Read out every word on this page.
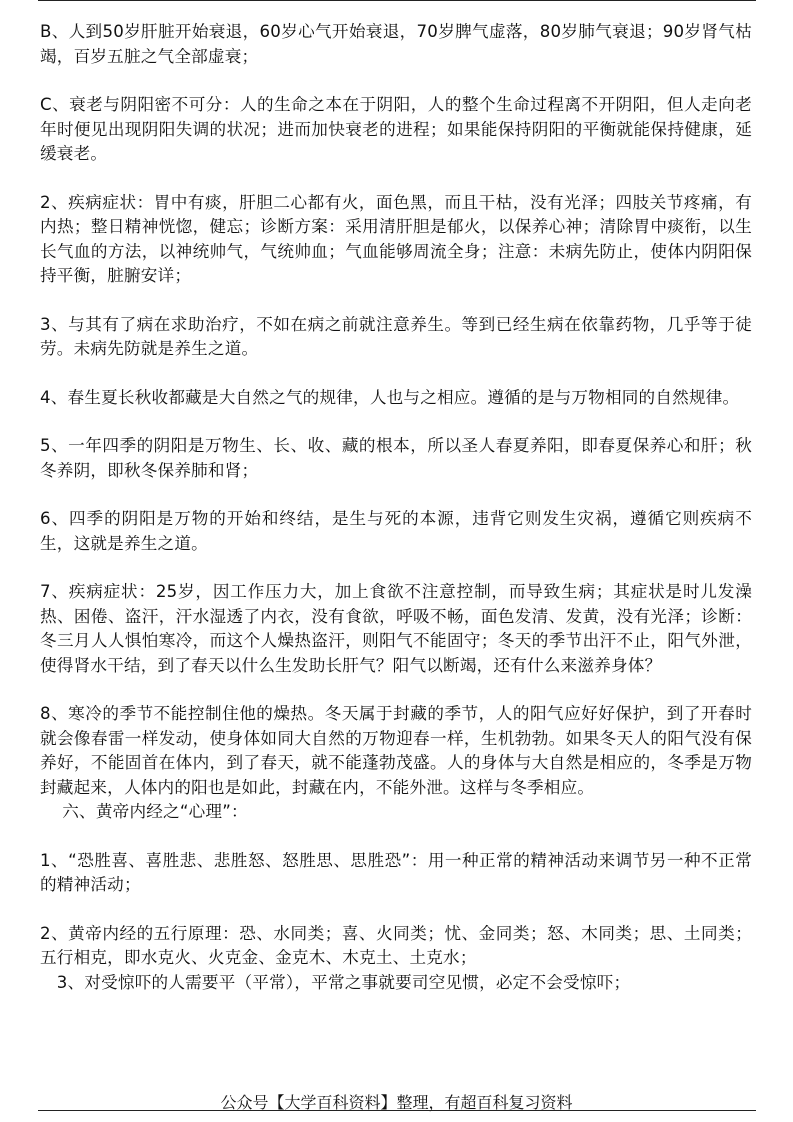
B、人到50岁肝脏开始衰退，60岁心气开始衰退，70岁脾气虚落，80岁肺气衰退；90岁肾气枯竭，百岁五脏之气全部虚衰；

C、衰老与阴阳密不可分：人的生命之本在于阴阳，人的整个生命过程离不开阴阳，但人走向老年时便见出现阴阳失调的状况；进而加快衰老的进程；如果能保持阴阳的平衡就能保持健康，延缓衰老。

2、疾病症状：胃中有痰，肝胆二心都有火，面色黑，而且干枯，没有光泽；四肢关节疼痛，有内热；整日精神恍惚，健忘；诊断方案：采用清肝胆是郁火，以保养心神；清除胃中痰衔，以生长气血的方法，以神统帅气，气统帅血；气血能够周流全身；注意：未病先防止，使体内阴阳保持平衡，脏腑安详；

3、与其有了病在求助治疗，不如在病之前就注意养生。等到已经生病在依靠药物，几乎等于徒劳。未病先防就是养生之道。

4、春生夏长秋收都藏是大自然之气的规律，人也与之相应。遵循的是与万物相同的自然规律。

5、一年四季的阴阳是万物生、长、收、藏的根本，所以圣人春夏养阳，即春夏保养心和肝；秋冬养阴，即秋冬保养肺和肾；

6、四季的阴阳是万物的开始和终结，是生与死的本源，违背它则发生灾祸，遵循它则疾病不生，这就是养生之道。

7、疾病症状：25岁，因工作压力大，加上食欲不注意控制，而导致生病；其症状是时儿发澡热、困倦、盗汗，汗水湿透了内衣，没有食欲，呼吸不畅，面色发清、发黄，没有光泽；诊断：冬三月人人惧怕寒冷，而这个人燥热盗汗，则阳气不能固守；冬天的季节出汗不止，阳气外泄，使得肾水干结，到了春天以什么生发助长肝气？阳气以断竭，还有什么来滋养身体？

8、寒冷的季节不能控制住他的燥热。冬天属于封藏的季节，人的阳气应好好保护，到了开春时就会像春雷一样发动，使身体如同大自然的万物迎春一样，生机勃勃。如果冬天人的阳气没有保养好，不能固首在体内，到了春天，就不能蓬勃茂盛。人的身体与大自然是相应的，冬季是万物封藏起来，人体内的阳也是如此，封藏在内，不能外泄。这样与冬季相应。

　 六、黄帝内经之“心理”：

1、“恐胜喜、喜胜悲、悲胜怒、怒胜思、思胜恐”：用一种正常的精神活动来调节另一种不正常的精神活动；

2、黄帝内经的五行原理：恐、水同类；喜、火同类；忧、金同类；怒、木同类；思、土同类；五行相克，即水克火、火克金、金克木、木克土、土克水；

　3、对受惊吓的人需要平（平常），平常之事就要司空见惯，必定不会受惊吓；

公众号【大学百科资料】整理，有超百科复习资料
